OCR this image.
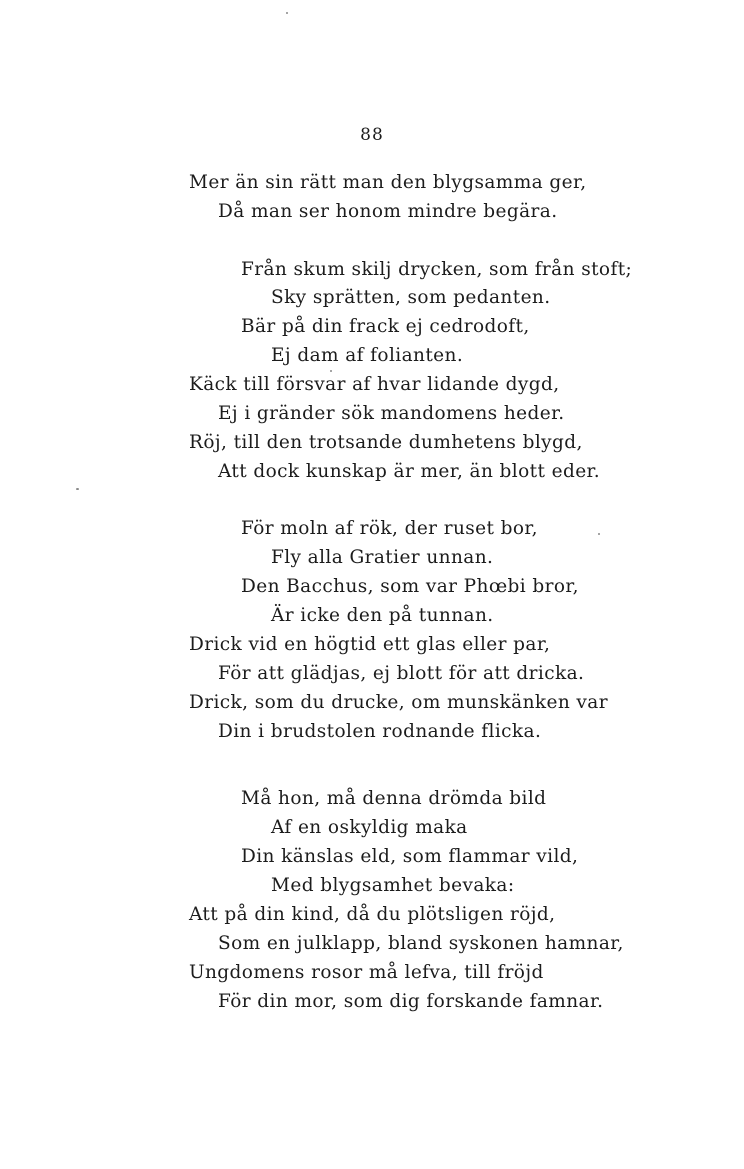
88
Mer än sin rätt man den blygsamma ger,
Då man ser honom mindre begära.
Från skum skilj drycken, som från stoft;
Sky sprätten, som pedanten.
Bär på din frack ej cedrodoft,
Ej dam af folianten.
Käck till försvar af hvar lidande dygd,
Ej i gränder sök mandomens heder.
Röj, till den trotsande dumhetens blygd,
Att dock kunskap är mer, än blott eder.
För moln af rök, der ruset bor,
Fly alla Gratier unnan.
Den Bacchus, som var Phœbi bror,
Är icke den på tunnan.
Drick vid en högtid ett glas eller par,
För att glädjas, ej blott för att dricka.
Drick, som du drucke, om munskänken var
Din i brudstolen rodnande flicka.
Må hon, må denna drömda bild
Af en oskyldig maka
Din känslas eld, som flammar vild,
Med blygsamhet bevaka:
Att på din kind, då du plötsligen röjd,
Som en julklapp, bland syskonen hamnar,
Ungdomens rosor må lefva, till fröjd
För din mor, som dig forskande famnar.
